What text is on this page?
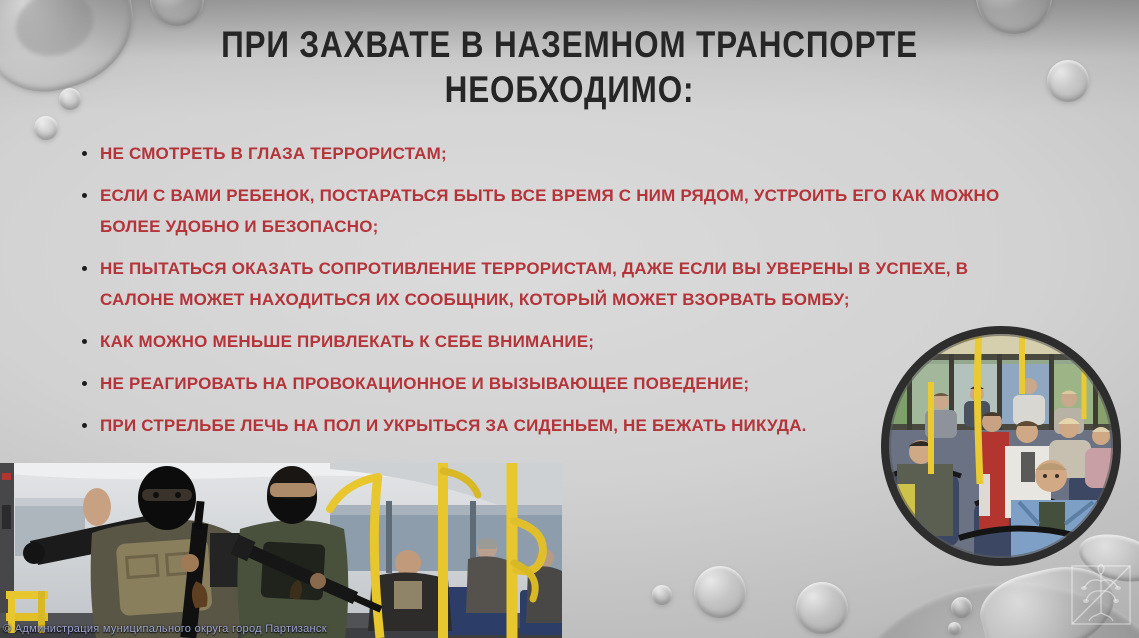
ПРИ ЗАХВАТЕ В НАЗЕМНОМ ТРАНСПОРТЕ
НЕОБХОДИМО:
НЕ СМОТРЕТЬ В ГЛАЗА ТЕРРОРИСТАМ;
ЕСЛИ С ВАМИ РЕБЕНОК, ПОСТАРАТЬСЯ БЫТЬ ВСЕ ВРЕМЯ С НИМ РЯДОМ, УСТРОИТЬ ЕГО КАК МОЖНО БОЛЕЕ УДОБНО И БЕЗОПАСНО;
НЕ ПЫТАТЬСЯ ОКАЗАТЬ СОПРОТИВЛЕНИЕ ТЕРРОРИСТАМ, ДАЖЕ ЕСЛИ ВЫ УВЕРЕНЫ В УСПЕХЕ, В САЛОНЕ МОЖЕТ НАХОДИТЬСЯ ИХ СООБЩНИК, КОТОРЫЙ МОЖЕТ ВЗОРВАТЬ БОМБУ;
КАК МОЖНО МЕНЬШЕ ПРИВЛЕКАТЬ К СЕБЕ ВНИМАНИЕ;
НЕ РЕАГИРОВАТЬ НА ПРОВОКАЦИОННОЕ И ВЫЗЫВАЮЩЕЕ ПОВЕДЕНИЕ;
ПРИ СТРЕЛЬБЕ ЛЕЧЬ НА ПОЛ И УКРЫТЬСЯ ЗА СИДЕНЬЕМ, НЕ БЕЖАТЬ НИКУДА.
© Администрация муниципального округа город Партизанск
